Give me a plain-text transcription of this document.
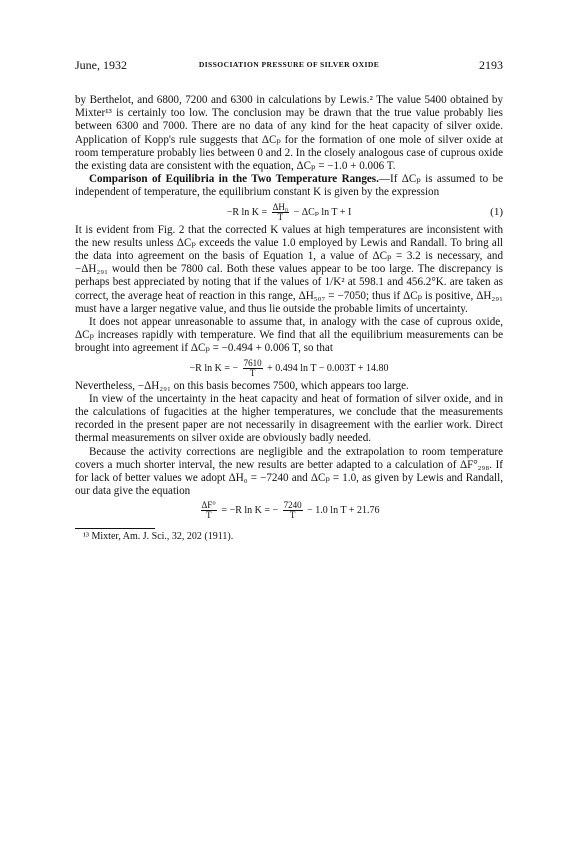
June, 1932	DISSOCIATION PRESSURE OF SILVER OXIDE	2193

by Berthelot, and 6800, 7200 and 6300 in calculations by Lewis.² The value 5400 obtained by Mixter¹³ is certainly too low. The conclusion may be drawn that the true value probably lies between 6300 and 7000. There are no data of any kind for the heat capacity of silver oxide. Application of Kopp's rule suggests that ΔCₚ for the formation of one mole of silver oxide at room temperature probably lies between 0 and 2. In the closely analogous case of cuprous oxide the existing data are consistent with the equation, ΔCₚ = −1.0 + 0.006 T.

Comparison of Equilibria in the Two Temperature Ranges.—If ΔCₚ is assumed to be independent of temperature, the equilibrium constant K is given by the expression

−R $\ln K = \frac{\text{ΔH₀}}{T} - \Delta C_p$ ln T + I	(1)

It is evident from Fig. 2 that the corrected K values at high temperatures are inconsistent with the new results unless ΔCₚ exceeds the value 1.0 employed by Lewis and Randall. To bring all the data into agreement on the basis of Equation 1, a value of ΔCₚ = 3.2 is necessary, and −ΔH₂₉₁ would then be 7800 cal. Both these values appear to be too large. The discrepancy is perhaps best appreciated by noting that if the values of 1/K² at 598.1 and 456.2°K. are taken as correct, the average heat of reaction in this range, ΔH₅₀₇ = −7050; thus if ΔCₚ is positive, ΔH₂₉₁ must have a larger negative value, and thus lie outside the probable limits of uncertainty.

It does not appear unreasonable to assume that, in analogy with the case of cuprous oxide, ΔCₚ increases rapidly with temperature. We find that all the equilibrium measurements can be brought into agreement if ΔCₚ = −0.494 + 0.006 T, so that

−R ln K = − $\frac{7610}{T} + 0.494$ ln T − 0.003T + 14.80

Nevertheless, −ΔH₂₉₁ on this basis becomes 7500, which appears too large.

In view of the uncertainty in the heat capacity and heat of formation of silver oxide, and in the calculations of fugacities at the higher temperatures, we conclude that the measurements recorded in the present paper are not necessarily in disagreement with the earlier work. Direct thermal measurements on silver oxide are obviously badly needed.

Because the activity corrections are negligible and the extrapolation to room temperature covers a much shorter interval, the new results are better adapted to a calculation of ΔF°₂₉₈. If for lack of better values we adopt ΔH₀ = −7240 and ΔCₚ = 1.0, as given by Lewis and Randall, our data give the equation

$\frac{\Delta F^\circ}{T} = -R$ ln K = − $\frac{7240}{T} - 1.0$ ln T + 21.76
¹³ Mixter, Am. J. Sci., 32, 202 (1911).
